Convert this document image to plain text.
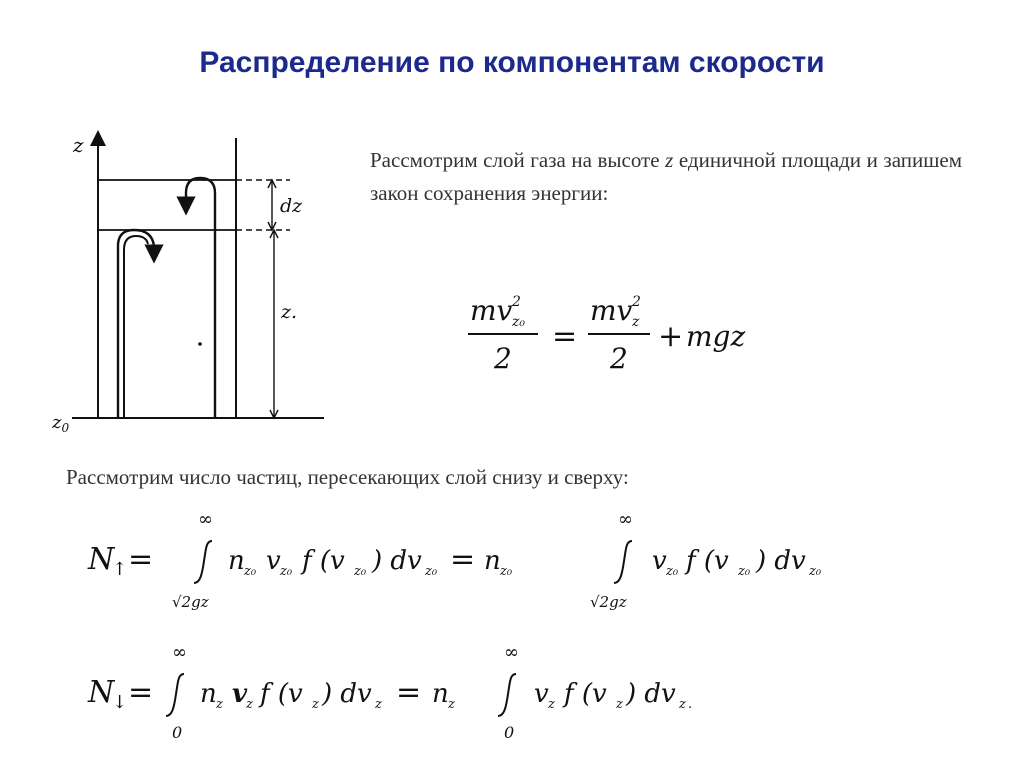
Распределение по компонентам скорости
z
$z_0$
dz
z.
Рассмотрим слой газа на высоте z единичной площади и запишем закон сохранения энергии:
mv 2
z₀
2
=
mv 2
z
2
+ mgz
Рассмотрим число частиц, пересекающих слой снизу и сверху:
N
↑ =
∞
√2gz
n z₀ v z₀ f (v z₀ ) dv z₀ = n z₀
∞
√2gz
v z₀ f (v z₀ ) dv z₀
N
↓ =
∞
0
n z v
z f (v z ) dv z = n z
∞
0
v z f (v z ) dv z .
